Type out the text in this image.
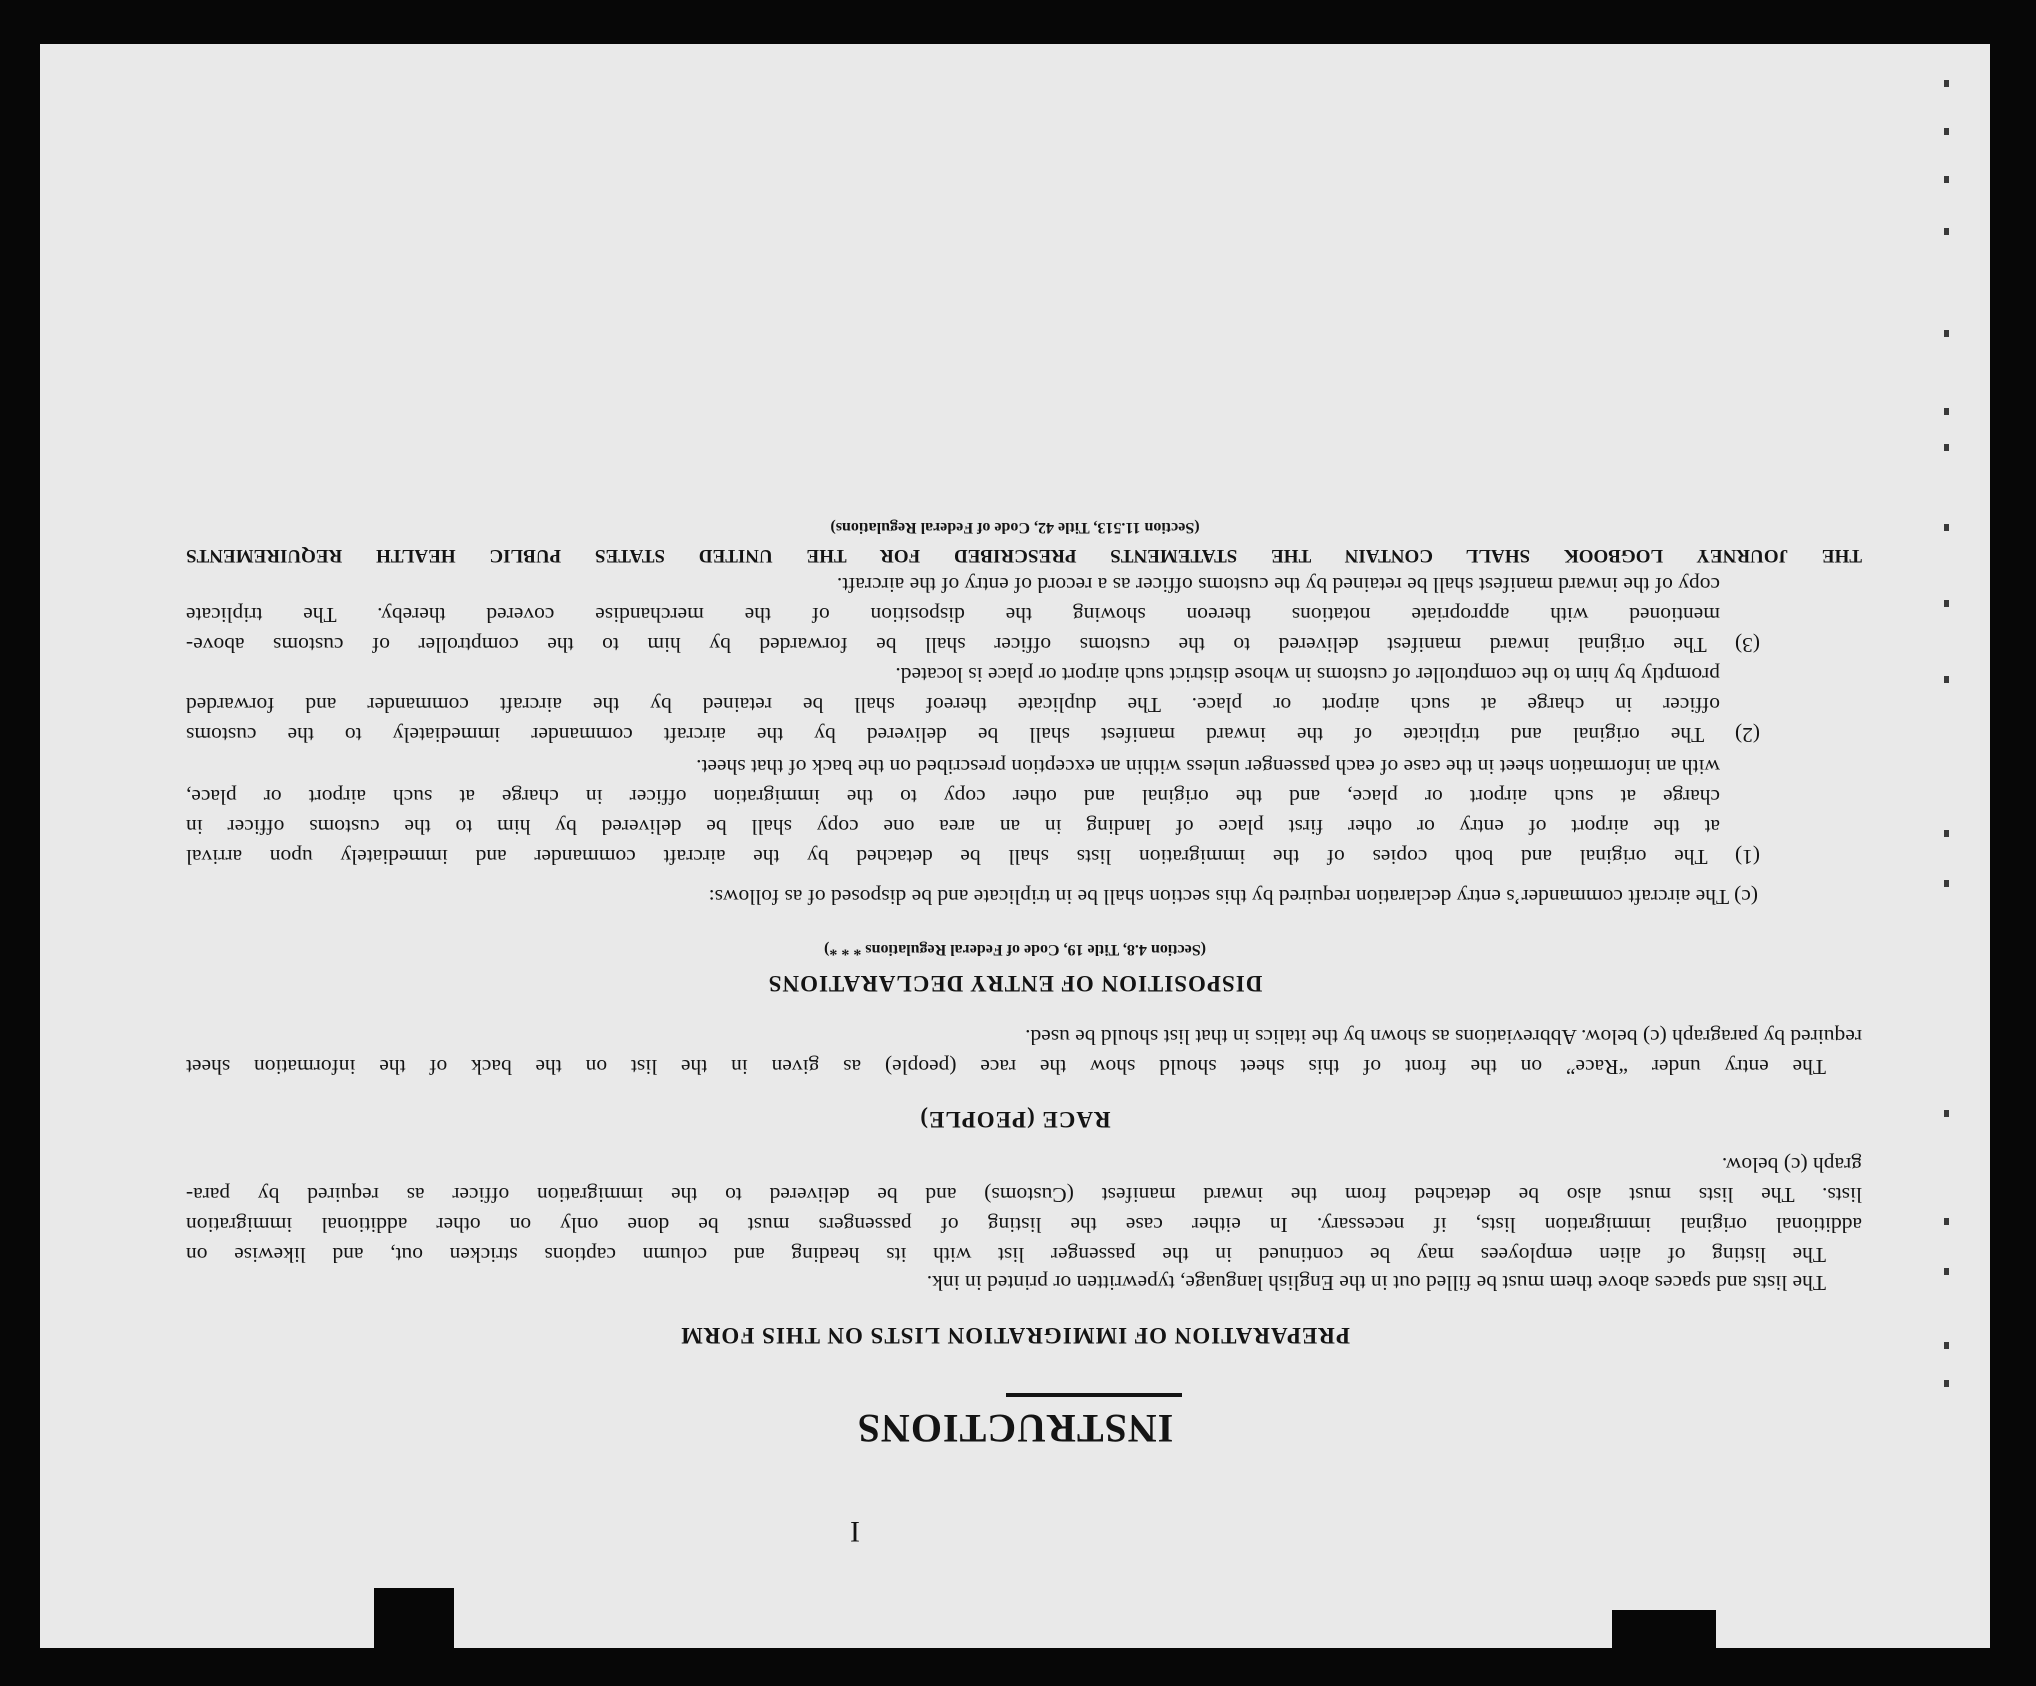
I
INSTRUCTIONS
PREPARATION OF IMMIGRATION LISTS ON THIS FORM
The lists and spaces above them must be filled out in the English language, typewritten or printed in ink.
The listing of alien employees may be continued in the passenger list with its heading and column captions stricken out, and likewise on
additional original immigration lists, if necessary. In either case the listing of passengers must be done only on other additional immigration
lists. The lists must also be detached from the inward manifest (Customs) and be delivered to the immigration officer as required by para-
graph (c) below.
RACE (PEOPLE)
The entry under “Race” on the front of this sheet should show the race (people) as given in the list on the back of the information sheet
required by paragraph (c) below. Abbreviations as shown by the italics in that list should be used.
DISPOSITION OF ENTRY DECLARATIONS
(Section 4.8, Title 19, Code of Federal Regulations * * *)
(c) The aircraft commander’s entry declaration required by this section shall be in triplicate and be disposed of as follows:
(1) The original and both copies of the immigration lists shall be detached by the aircraft commander and immediately upon arrival
at the airport of entry or other first place of landing in an area one copy shall be delivered by him to the customs officer in
charge at such airport or place, and the original and other copy to the immigration officer in charge at such airport or place,
with an information sheet in the case of each passenger unless within an exception prescribed on the back of that sheet.
(2) The original and triplicate of the inward manifest shall be delivered by the aircraft commander immediately to the customs
officer in charge at such airport or place. The duplicate thereof shall be retained by the aircraft commander and forwarded
promptly by him to the comptroller of customs in whose district such airport or place is located.
(3) The original inward manifest delivered to the customs officer shall be forwarded by him to the comptroller of customs above-
mentioned with appropriate notations thereon showing the disposition of the merchandise covered thereby. The triplicate
copy of the inward manifest shall be retained by the customs officer as a record of entry of the aircraft.
THE JOURNEY LOGBOOK SHALL CONTAIN THE STATEMENTS PRESCRIBED FOR THE UNITED STATES PUBLIC HEALTH REQUIREMENTS
(Section 11.513, Title 42, Code of Federal Regulations)
